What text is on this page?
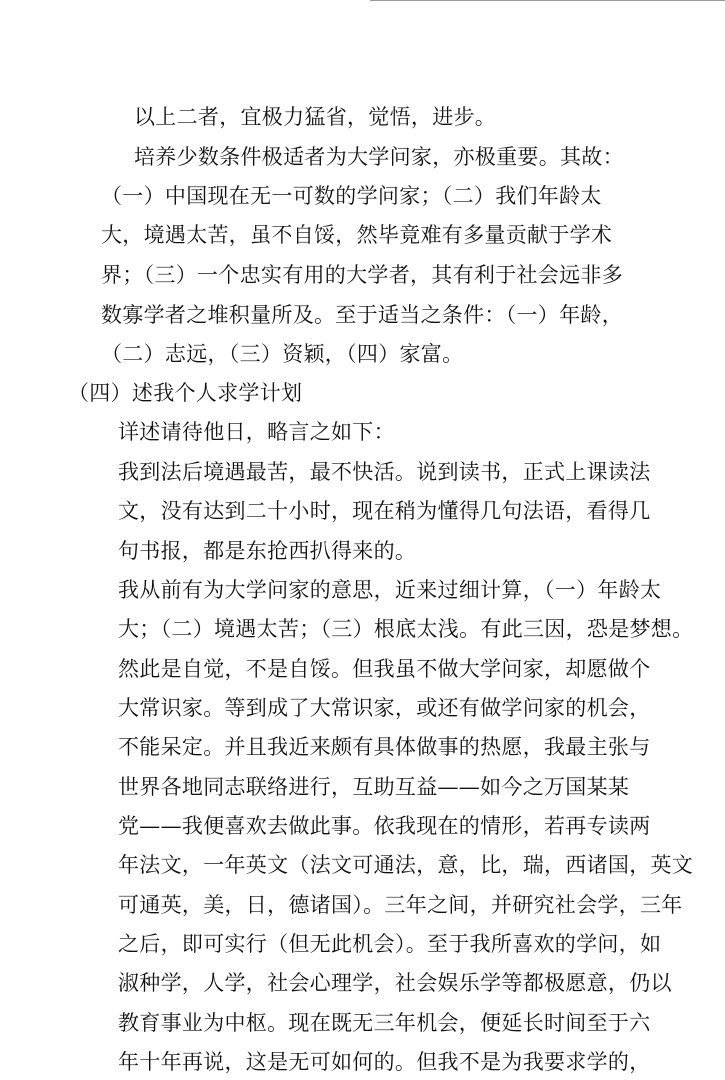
以上二者，宜极力猛省，觉悟，进步。
培养少数条件极适者为大学问家，亦极重要。其故：
（一）中国现在无一可数的学问家；（二）我们年龄太
大，境遇太苦，虽不自馁，然毕竟难有多量贡献于学术
界；（三）一个忠实有用的大学者，其有利于社会远非多
数寡学者之堆积量所及。至于适当之条件：（一）年龄，
（二）志远，（三）资颖，（四）家富。
（四）述我个人求学计划
详述请待他日，略言之如下：
我到法后境遇最苦，最不快活。说到读书，正式上课读法
文，没有达到二十小时，现在稍为懂得几句法语，看得几
句书报，都是东抢西扒得来的。
我从前有为大学问家的意思，近来过细计算，（一）年龄太
大；（二）境遇太苦；（三）根底太浅。有此三因，恐是梦想。
然此是自觉，不是自馁。但我虽不做大学问家，却愿做个
大常识家。等到成了大常识家，或还有做学问家的机会，
不能呆定。并且我近来颇有具体做事的热愿，我最主张与
世界各地同志联络进行，互助互益——如今之万国某某
党——我便喜欢去做此事。依我现在的情形，若再专读两
年法文，一年英文（法文可通法，意，比，瑞，西诸国，英文
可通英，美，日，德诸国）。三年之间，并研究社会学，三年
之后，即可实行（但无此机会）。至于我所喜欢的学问，如
淑种学，人学，社会心理学，社会娱乐学等都极愿意，仍以
教育事业为中枢。现在既无三年机会，便延长时间至于六
年十年再说，这是无可如何的。但我不是为我要求学的，
